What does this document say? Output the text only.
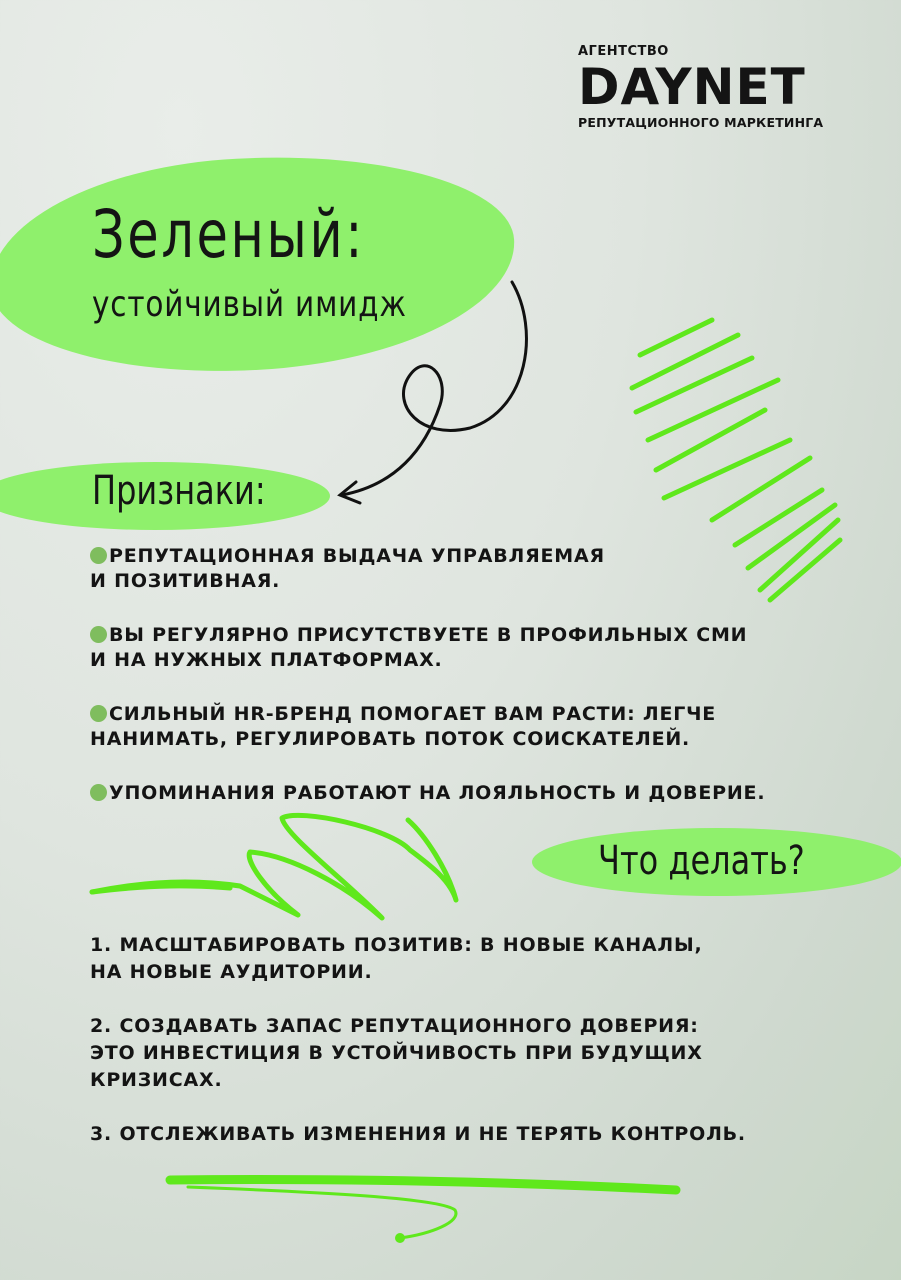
АГЕНТСТВО
DAYNET
РЕПУТАЦИОННОГО МАРКЕТИНГА
Зеленый:
устойчивый имидж
Признаки:
РЕПУТАЦИОННАЯ ВЫДАЧА УПРАВЛЯЕМАЯ
И ПОЗИТИВНАЯ.
ВЫ РЕГУЛЯРНО ПРИСУТСТВУЕТЕ В ПРОФИЛЬНЫХ СМИ
И НА НУЖНЫХ ПЛАТФОРМАХ.
СИЛЬНЫЙ HR-БРЕНД ПОМОГАЕТ ВАМ РАСТИ: ЛЕГЧЕ
НАНИМАТЬ, РЕГУЛИРОВАТЬ ПОТОК СОИСКАТЕЛЕЙ.
УПОМИНАНИЯ РАБОТАЮТ НА ЛОЯЛЬНОСТЬ И ДОВЕРИЕ.
Что делать?
1. МАСШТАБИРОВАТЬ ПОЗИТИВ: В НОВЫЕ КАНАЛЫ,
НА НОВЫЕ АУДИТОРИИ.
2. СОЗДАВАТЬ ЗАПАС РЕПУТАЦИОННОГО ДОВЕРИЯ:
ЭТО ИНВЕСТИЦИЯ В УСТОЙЧИВОСТЬ ПРИ БУДУЩИХ
КРИЗИСАХ.
3. ОТСЛЕЖИВАТЬ ИЗМЕНЕНИЯ И НЕ ТЕРЯТЬ КОНТРОЛЬ.
